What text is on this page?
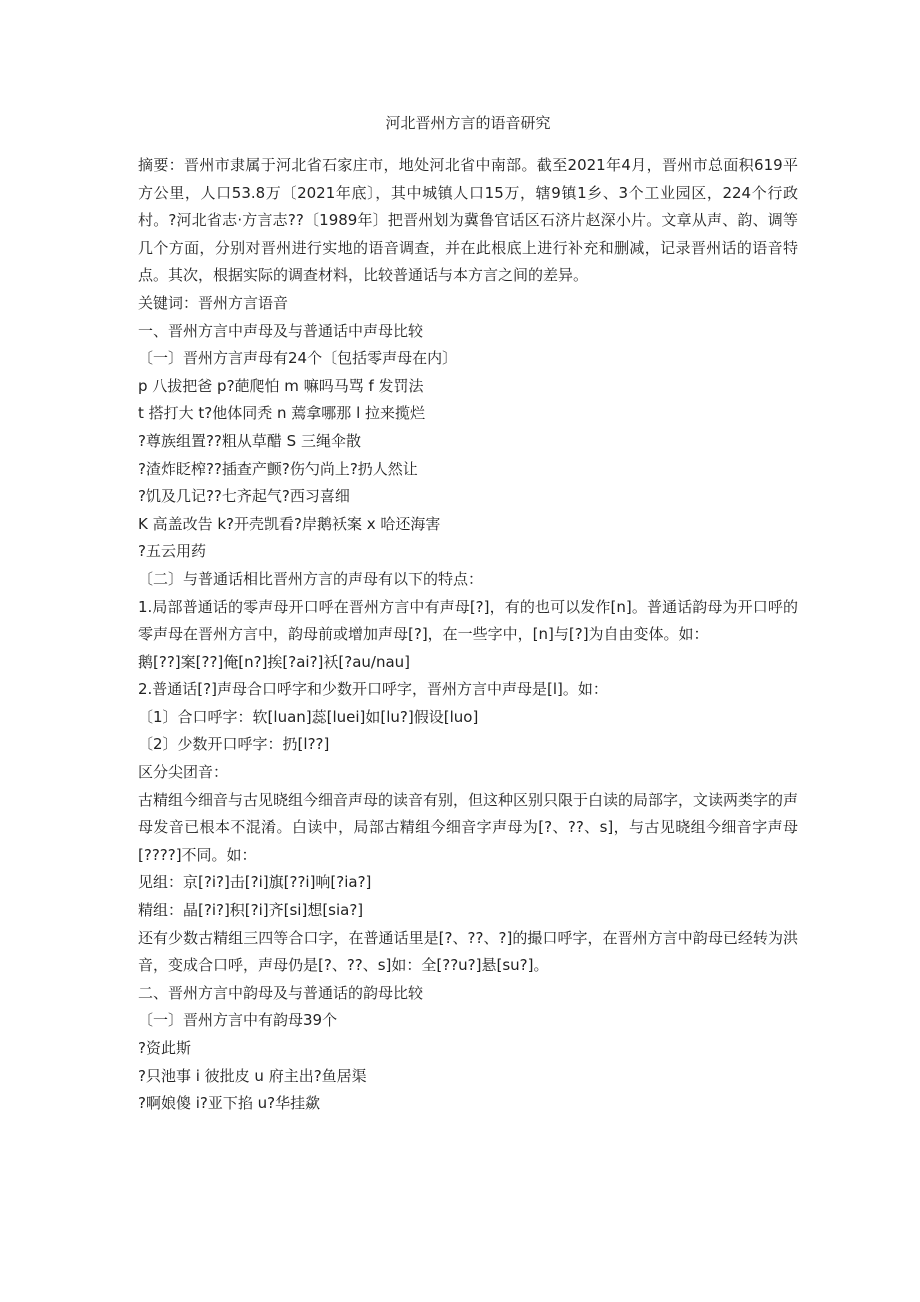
河北晋州方言的语音研究

摘要：晋州市隶属于河北省石家庄市，地处河北省中南部。截至2021年4月，晋州市总面积619平方公里，人口53.8万〔2021年底〕，其中城镇人口15万，辖9镇1乡、3个工业园区，224个行政村。?河北省志·方言志??〔1989年〕把晋州划为冀鲁官话区石济片赵深小片。文章从声、韵、调等几个方面，分别对晋州进行实地的语音调查，并在此根底上进行补充和删减，记录晋州话的语音特点。其次，根据实际的调查材料，比较普通话与本方言之间的差异。

关键词：晋州方言语音

一、晋州方言中声母及与普通话中声母比较

〔一〕晋州方言声母有24个〔包括零声母在内〕

p 八拔把爸 p?葩爬怕 m 嘛吗马骂 f 发罚法

t 搭打大 t?他体同秃 n 蔫拿哪那 l 拉来揽烂

?尊族组置??粗从草醋 S 三绳伞散

?渣炸眨榨??插查产颤?伤勺尚上?扔人然让

?饥及几记??七齐起气?西习喜细

K 高盖改告 k?开壳凯看?岸鹅袄案 x 哈还海害

?五云用药

〔二〕与普通话相比晋州方言的声母有以下的特点：

1.局部普通话的零声母开口呼在晋州方言中有声母[?]，有的也可以发作[n]。普通话韵母为开口呼的零声母在晋州方言中，韵母前或增加声母[?]，在一些字中，[n]与[?]为自由变体。如：

鹅[??]案[??]俺[n?]挨[?ai?]袄[?au/nau]

2.普通话[?]声母合口呼字和少数开口呼字，晋州方言中声母是[l]。如：

〔1〕合口呼字：软[luan]蕊[luei]如[lu?]假设[luo]

〔2〕少数开口呼字：扔[l??]

区分尖团音：

古精组今细音与古见晓组今细音声母的读音有别，但这种区别只限于白读的局部字，文读两类字的声母发音已根本不混淆。白读中，局部古精组今细音字声母为[?、??、s]，与古见晓组今细音字声母[????]不同。如：

见组：京[?i?]击[?i]旗[??i]响[?ia?]

精组：晶[?i?]积[?i]齐[si]想[sia?]

还有少数古精组三四等合口字，在普通话里是[?、??、?]的撮口呼字，在晋州方言中韵母已经转为洪音，变成合口呼，声母仍是[?、??、s]如：全[??u?]悬[su?]。

二、晋州方言中韵母及与普通话的韵母比较

〔一〕晋州方言中有韵母39个

?资此斯

?只池事 i 彼批皮 u 府主出?鱼居渠

?啊娘傻 i?亚下掐 u?华挂歘
